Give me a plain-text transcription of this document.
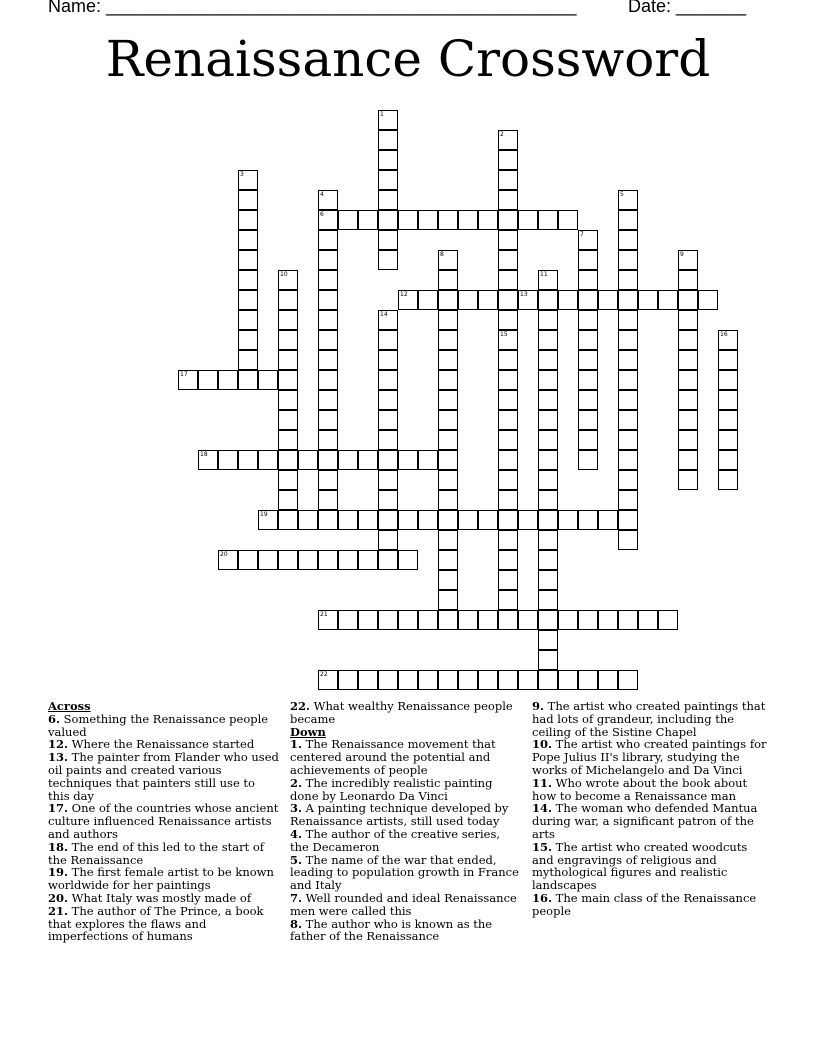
Name: _______________________________________________	Date: _______
Renaissance Crossword
6
12	13
17
18
19
20
21
22
1
2
15
3
4	5
7
8	9
10	11
14
16
Across
6. Something the Renaissance people valued
12. Where the Renaissance started
13. The painter from Flander who used oil paints and created various techniques that painters still use to this day
17. One of the countries whose ancient culture influenced Renaissance artists and authors
18. The end of this led to the start of the Renaissance
19. The first female artist to be known worldwide for her paintings
20. What Italy was mostly made of
21. The author of The Prince, a book that explores the flaws and imperfections of humans
22. What wealthy Renaissance people became
Down
1. The Renaissance movement that centered around the potential and achievements of people
2. The incredibly realistic painting done by Leonardo Da Vinci
3. A painting technique developed by Renaissance artists, still used today
4. The author of the creative series, the Decameron
5. The name of the war that ended, leading to population growth in France and Italy
7. Well rounded and ideal Renaissance men were called this
8. The author who is known as the father of the Renaissance
9. The artist who created paintings that had lots of grandeur, including the ceiling of the Sistine Chapel
10. The artist who created paintings for Pope Julius II's library, studying the works of Michelangelo and Da Vinci
11. Who wrote about the book about how to become a Renaissance man
14. The woman who defended Mantua during war, a significant patron of the arts
15. The artist who created woodcuts and engravings of religious and mythological figures and realistic landscapes
16. The main class of the Renaissance people
